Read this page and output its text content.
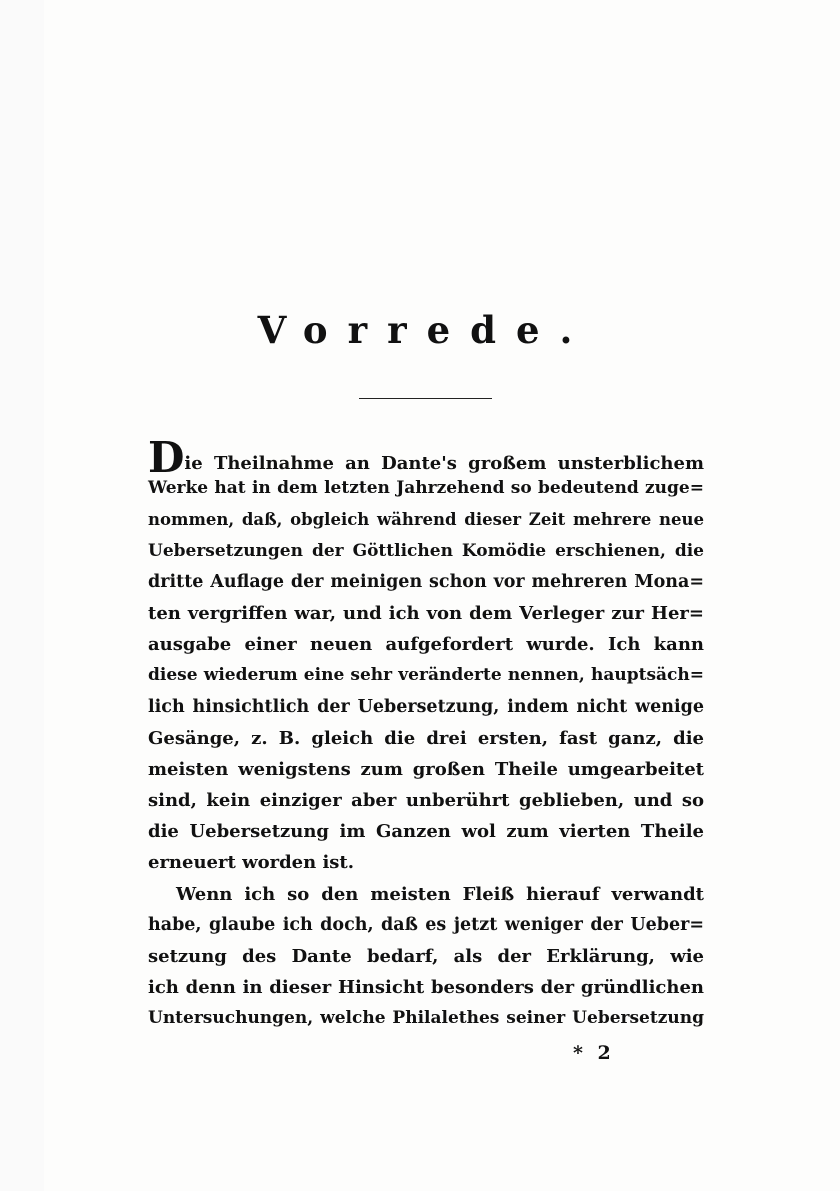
Vorrede.
Die Theilnahme an Dante's großem unsterblichem
Werke hat in dem letzten Jahrzehend so bedeutend zuge=
nommen, daß, obgleich während dieser Zeit mehrere neue
Uebersetzungen der Göttlichen Komödie erschienen, die
dritte Auflage der meinigen schon vor mehreren Mona=
ten vergriffen war, und ich von dem Verleger zur Her=
ausgabe einer neuen aufgefordert wurde. Ich kann
diese wiederum eine sehr veränderte nennen, hauptsäch=
lich hinsichtlich der Uebersetzung, indem nicht wenige
Gesänge, z. B. gleich die drei ersten, fast ganz, die
meisten wenigstens zum großen Theile umgearbeitet
sind, kein einziger aber unberührt geblieben, und so
die Uebersetzung im Ganzen wol zum vierten Theile
erneuert worden ist.
Wenn ich so den meisten Fleiß hierauf verwandt
habe, glaube ich doch, daß es jetzt weniger der Ueber=
setzung des Dante bedarf, als der Erklärung, wie
ich denn in dieser Hinsicht besonders der gründlichen
Untersuchungen, welche Philalethes seiner Uebersetzung
* 2
